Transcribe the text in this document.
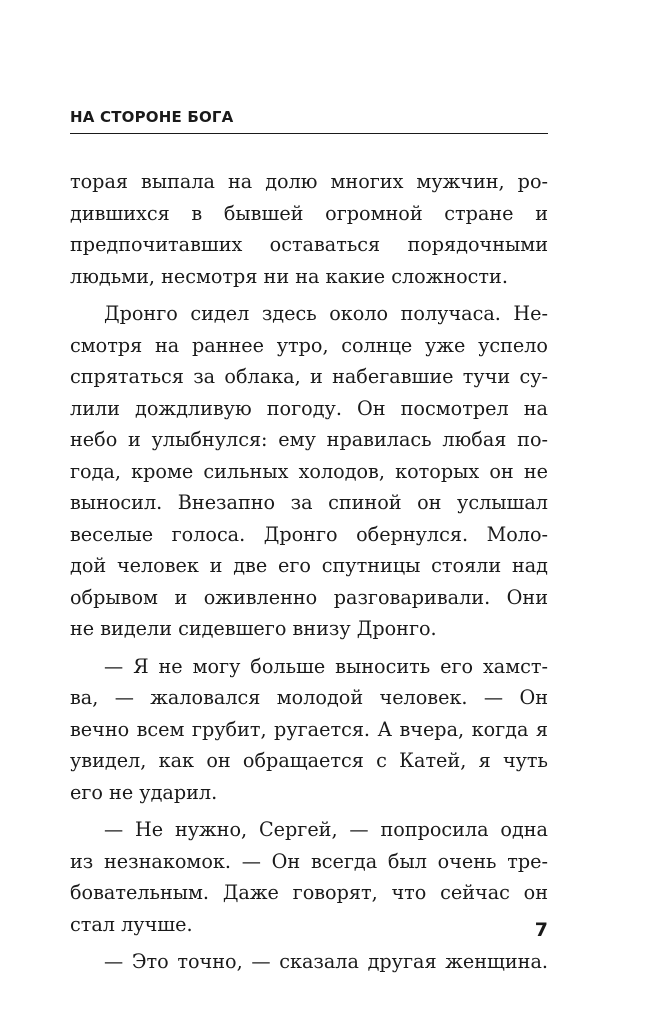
НА СТОРОНЕ БОГА
торая выпала на долю многих мужчин, ро-
дившихся в бывшей огромной стране и
предпочитавших оставаться порядочными
людьми, несмотря ни на какие сложности.
Дронго сидел здесь около получаса. Не-
смотря на раннее утро, солнце уже успело
спрятаться за облака, и набегавшие тучи су-
лили дождливую погоду. Он посмотрел на
небо и улыбнулся: ему нравилась любая по-
года, кроме сильных холодов, которых он не
выносил. Внезапно за спиной он услышал
веселые голоса. Дронго обернулся. Моло-
дой человек и две его спутницы стояли над
обрывом и оживленно разговаривали. Они
не видели сидевшего внизу Дронго.
— Я не могу больше выносить его хамст-
ва, — жаловался молодой человек. — Он
вечно всем грубит, ругается. А вчера, когда я
увидел, как он обращается с Катей, я чуть
его не ударил.
— Не нужно, Сергей, — попросила одна
из незнакомок. — Он всегда был очень тре-
бовательным. Даже говорят, что сейчас он
стал лучше.
— Это точно, — сказала другая женщина.
7
